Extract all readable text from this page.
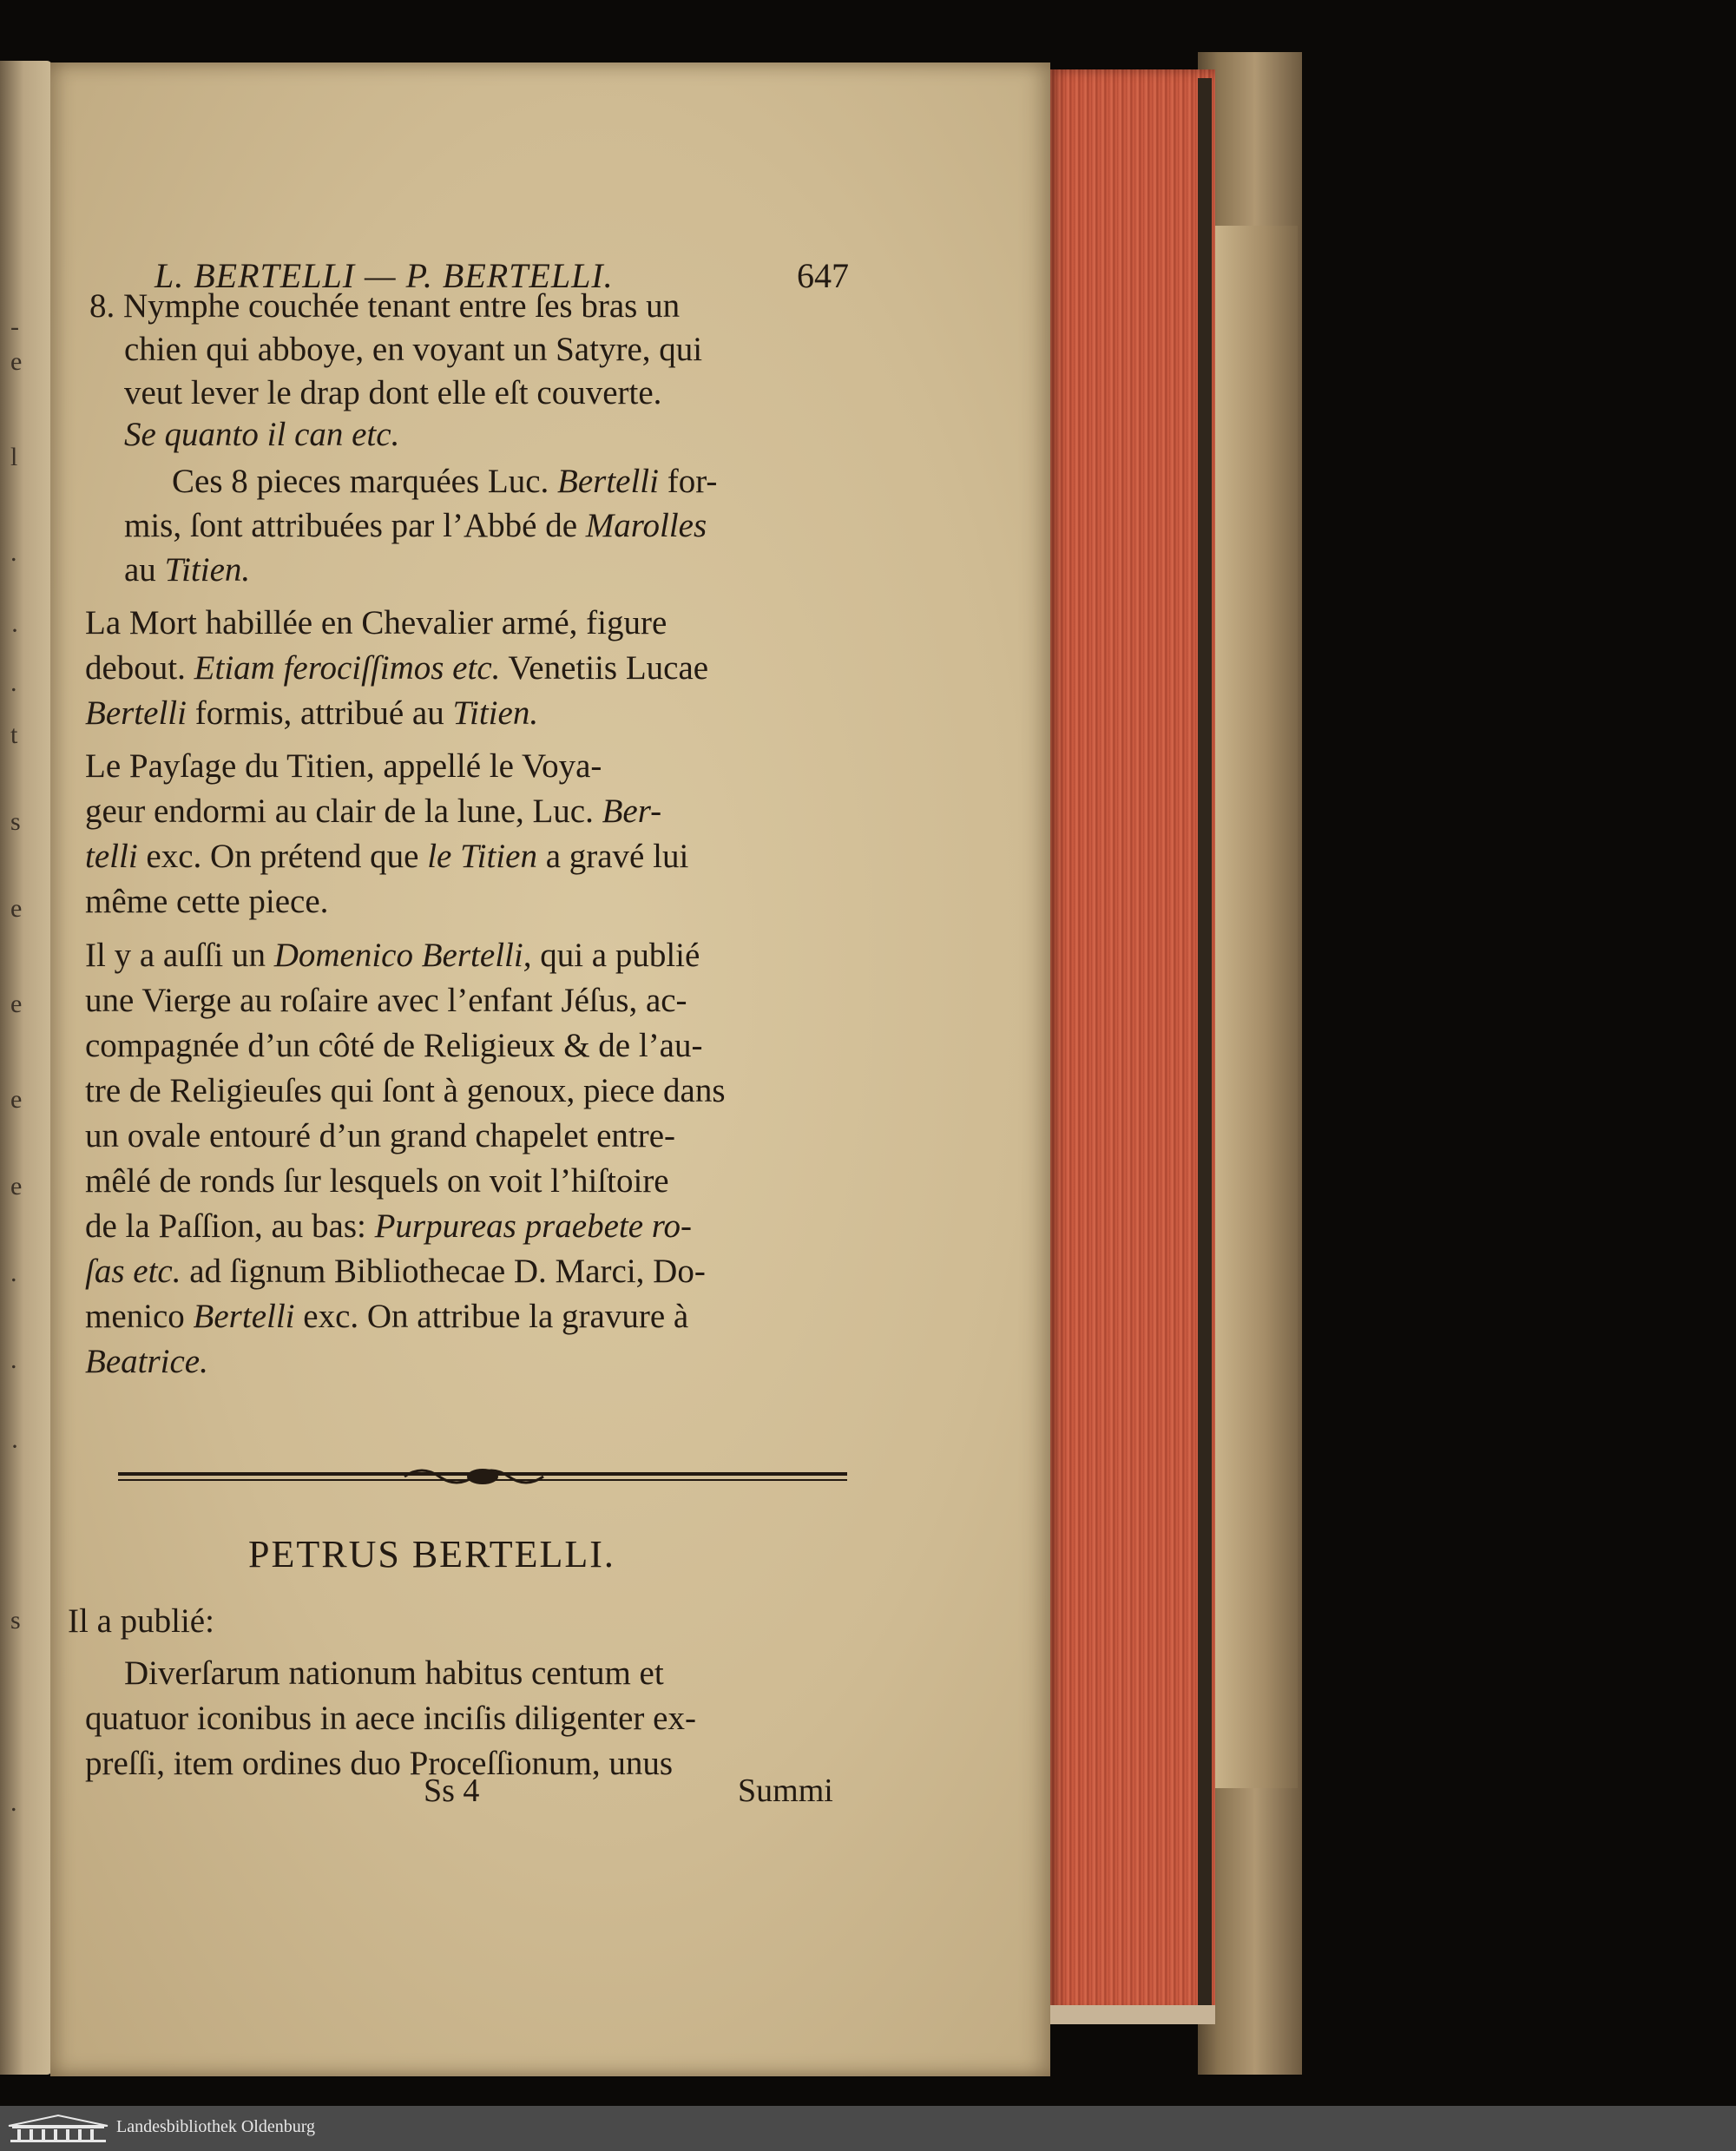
-
e
l
.
·
.
t
s
e
e
e
e
.
.
·
s
.
L. BERTELLI — P. BERTELLI.	647
8. Nymphe couchée tenant entre ſes bras un
chien qui abboye, en voyant un Satyre, qui
veut lever le drap dont elle eſt couverte.
Se quanto il can etc.
Ces 8 pieces marquées Luc. Bertelli for-
mis, ſont attribuées par l’Abbé de Marolles
au Titien.
La Mort habillée en Chevalier armé, figure
debout. Etiam ferociſſimos etc. Venetiis Lucae
Bertelli formis, attribué au Titien.
Le Payſage du Titien, appellé le Voya-
geur endormi au clair de la lune, Luc. Ber-
telli exc. On prétend que le Titien a gravé lui
même cette piece.
Il y a auſſi un Domenico Bertelli, qui a publié
une Vierge au roſaire avec l’enfant Jéſus, ac-
compagnée d’un côté de Religieux & de l’au-
tre de Religieuſes qui ſont à genoux, piece dans
un ovale entouré d’un grand chapelet entre-
mêlé de ronds ſur lesquels on voit l’hiſtoire
de la Paſſion, au bas: Purpureas praebete ro-
ſas etc. ad ſignum Bibliothecae D. Marci, Do-
menico Bertelli exc. On attribue la gravure à
Beatrice.
PETRUS BERTELLI.
Il a publié:
Diverſarum nationum habitus centum et
quatuor iconibus in aece inciſis diligenter ex-
preſſi, item ordines duo Proceſſionum, unus
Ss 4	Summi
Landesbibliothek Oldenburg
